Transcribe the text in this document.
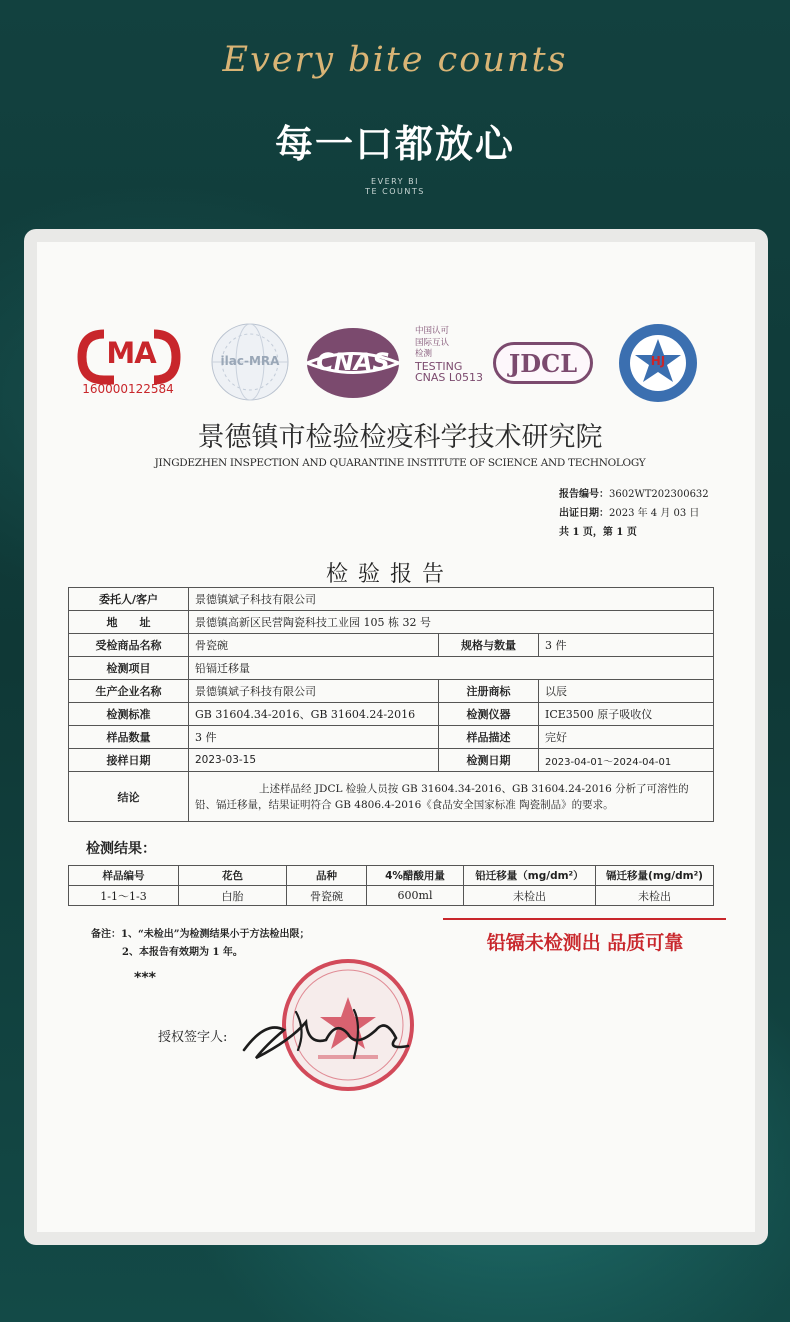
Every bite counts
每一口都放心
EVERY BI
TE COUNTS
MA
160000122584
ilac-MRA	CNAS
中国认可
国际互认
检测
TESTING
CNAS L0513	JDCL	HJ
景德镇市检验检疫科学技术研究院
JINGDEZHEN INSPECTION AND QUARANTINE INSTITUTE OF SCIENCE AND TECHNOLOGY
报告编号：3602WT202300632
出证日期：2023 年 4 月 03 日
共 1 页，第 1 页
检验报告
委托人/客户	景德镇斌子科技有限公司		
地　　址	景德镇高新区民营陶瓷科技工业园 105 栋 32 号		
受检商品名称	骨瓷碗	规格与数量	3 件
检测项目	铅镉迁移量		
生产企业名称	景德镇斌子科技有限公司	注册商标	以辰
检测标准	GB 31604.34-2016、GB 31604.24-2016	检测仪器	ICE3500 原子吸收仪
样品数量	3 件	样品描述	完好
接样日期	2023-03-15	检测日期	2023-04-01～2024-04-01
结论	上述样品经 JDCL 检验人员按 GB 31604.34-2016、GB 31604.24-2016 分析了可溶性的铅、镉迁移量，结果证明符合 GB 4806.4-2016《食品安全国家标准 陶瓷制品》的要求。		
检测结果：
样品编号	花色	品种	4%醋酸用量	铅迁移量（mg/dm²）	镉迁移量(mg/dm²)
1-1～1-3	白胎	骨瓷碗	600ml	未检出	未检出
备注：1、“未检出”为检测结果小于方法检出限；
2、本报告有效期为 1 年。	铅镉未检测出 品质可靠
***
授权签字人:
